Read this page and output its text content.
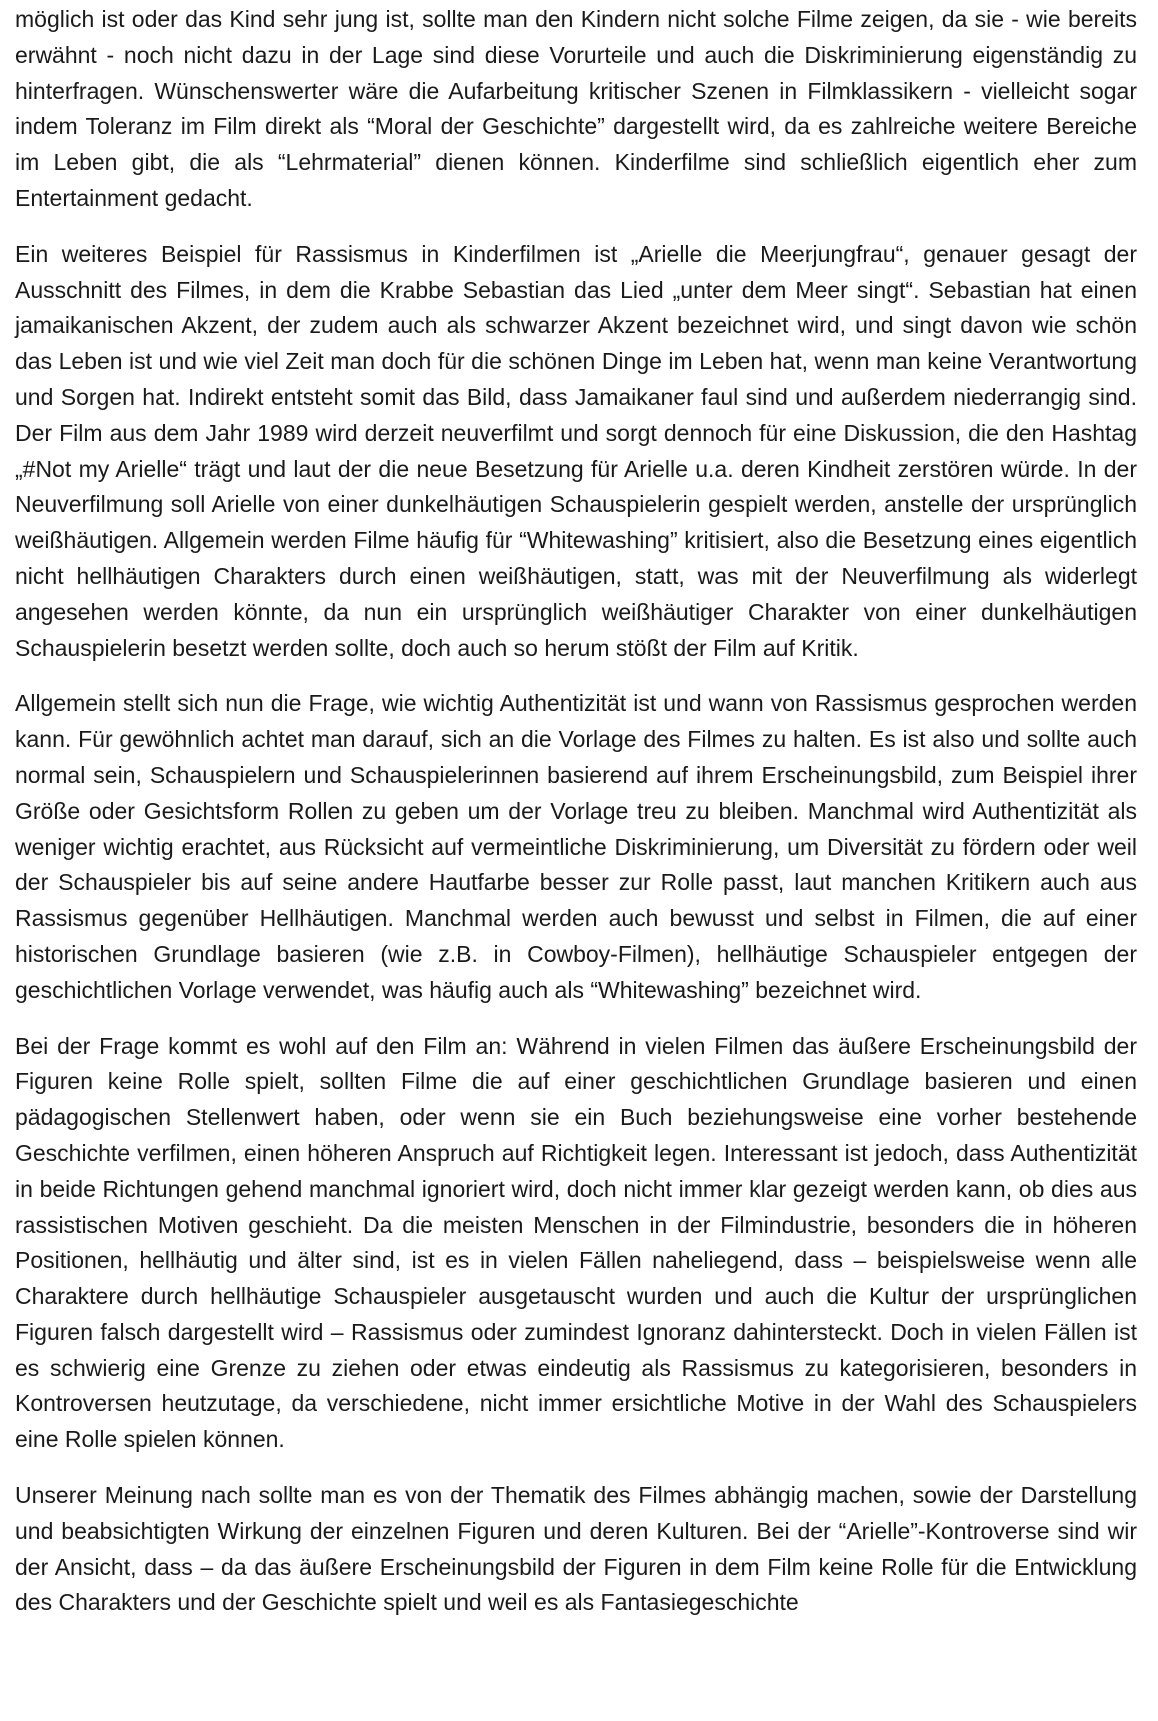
möglich ist oder das Kind sehr jung ist, sollte man den Kindern nicht solche Filme zeigen, da sie - wie bereits erwähnt - noch nicht dazu in der Lage sind diese Vorurteile und auch die Diskriminierung eigenständig zu hinterfragen. Wünschenswerter wäre die Aufarbeitung kritischer Szenen in Filmklassikern - vielleicht sogar indem Toleranz im Film direkt als “Moral der Geschichte” dargestellt wird, da es zahlreiche weitere Bereiche im Leben gibt, die als “Lehrmaterial” dienen können. Kinderfilme sind schließlich eigentlich eher zum Entertainment gedacht.

Ein weiteres Beispiel für Rassismus in Kinderfilmen ist „Arielle die Meerjungfrau“, genauer gesagt der Ausschnitt des Filmes, in dem die Krabbe Sebastian das Lied „unter dem Meer singt“. Sebastian hat einen jamaikanischen Akzent, der zudem auch als schwarzer Akzent bezeichnet wird, und singt davon wie schön das Leben ist und wie viel Zeit man doch für die schönen Dinge im Leben hat, wenn man keine Verantwortung und Sorgen hat. Indirekt entsteht somit das Bild, dass Jamaikaner faul sind und außerdem niederrangig sind. Der Film aus dem Jahr 1989 wird derzeit neuverfilmt und sorgt dennoch für eine Diskussion, die den Hashtag „#Not my Arielle“ trägt und laut der die neue Besetzung für Arielle u.a. deren Kindheit zerstören würde. In der Neuverfilmung soll Arielle von einer dunkelhäutigen Schauspielerin gespielt werden, anstelle der ursprünglich weißhäutigen. Allgemein werden Filme häufig für “Whitewashing” kritisiert, also die Besetzung eines eigentlich nicht hellhäutigen Charakters durch einen weißhäutigen, statt, was mit der Neuverfilmung als widerlegt angesehen werden könnte, da nun ein ursprünglich weißhäutiger Charakter von einer dunkelhäutigen Schauspielerin besetzt werden sollte, doch auch so herum stößt der Film auf Kritik.

Allgemein stellt sich nun die Frage, wie wichtig Authentizität ist und wann von Rassismus gesprochen werden kann. Für gewöhnlich achtet man darauf, sich an die Vorlage des Filmes zu halten. Es ist also und sollte auch normal sein, Schauspielern und Schauspielerinnen basierend auf ihrem Erscheinungsbild, zum Beispiel ihrer Größe oder Gesichtsform Rollen zu geben um der Vorlage treu zu bleiben. Manchmal wird Authentizität als weniger wichtig erachtet, aus Rücksicht auf vermeintliche Diskriminierung, um Diversität zu fördern oder weil der Schauspieler bis auf seine andere Hautfarbe besser zur Rolle passt, laut manchen Kritikern auch aus Rassismus gegenüber Hellhäutigen. Manchmal werden auch bewusst und selbst in Filmen, die auf einer historischen Grundlage basieren (wie z.B. in Cowboy-Filmen), hellhäutige Schauspieler entgegen der geschichtlichen Vorlage verwendet, was häufig auch als “Whitewashing” bezeichnet wird.

Bei der Frage kommt es wohl auf den Film an: Während in vielen Filmen das äußere Erscheinungsbild der Figuren keine Rolle spielt, sollten Filme die auf einer geschichtlichen Grundlage basieren und einen pädagogischen Stellenwert haben, oder wenn sie ein Buch beziehungsweise eine vorher bestehende Geschichte verfilmen, einen höheren Anspruch auf Richtigkeit legen. Interessant ist jedoch, dass Authentizität in beide Richtungen gehend manchmal ignoriert wird, doch nicht immer klar gezeigt werden kann, ob dies aus rassistischen Motiven geschieht. Da die meisten Menschen in der Filmindustrie, besonders die in höheren Positionen, hellhäutig und älter sind, ist es in vielen Fällen naheliegend, dass – beispielsweise wenn alle Charaktere durch hellhäutige Schauspieler ausgetauscht wurden und auch die Kultur der ursprünglichen Figuren falsch dargestellt wird – Rassismus oder zumindest Ignoranz dahintersteckt. Doch in vielen Fällen ist es schwierig eine Grenze zu ziehen oder etwas eindeutig als Rassismus zu kategorisieren, besonders in Kontroversen heutzutage, da verschiedene, nicht immer ersichtliche Motive in der Wahl des Schauspielers eine Rolle spielen können.

Unserer Meinung nach sollte man es von der Thematik des Filmes abhängig machen, sowie der Darstellung und beabsichtigten Wirkung der einzelnen Figuren und deren Kulturen. Bei der “Arielle”-Kontroverse sind wir der Ansicht, dass – da das äußere Erscheinungsbild der Figuren in dem Film keine Rolle für die Entwicklung des Charakters und der Geschichte spielt und weil es als Fantasiegeschichte
